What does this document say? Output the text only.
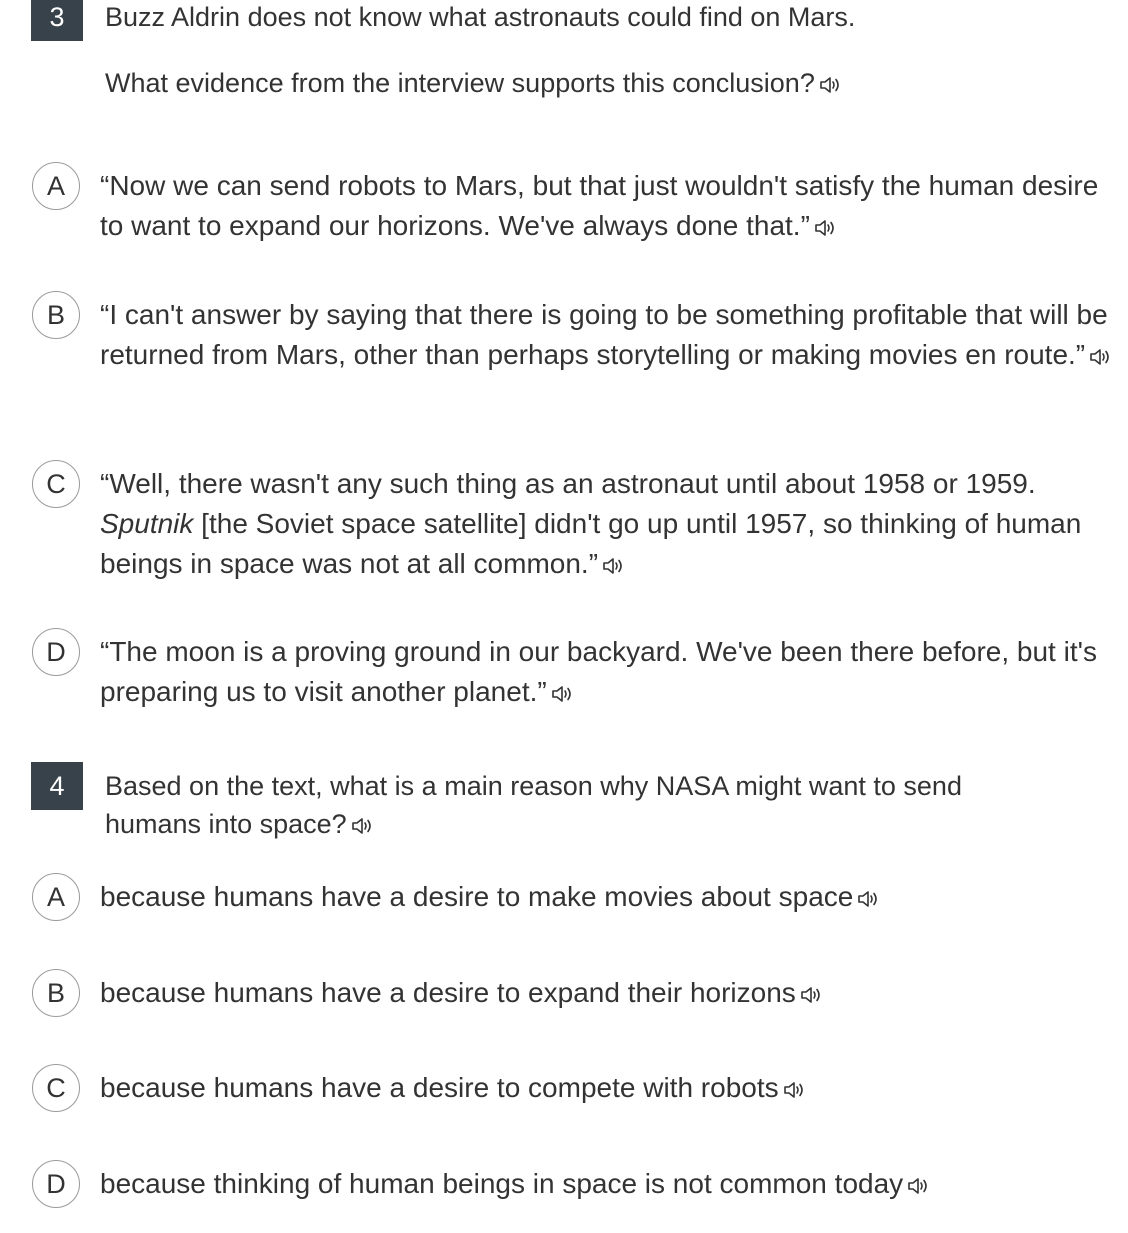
3	Buzz Aldrin does not know what astronauts could find on Mars.
What evidence from the interview supports this conclusion?
A	“Now we can send robots to Mars, but that just wouldn't satisfy the human desire to want to expand our horizons. We've always done that.”
B	“I can't answer by saying that there is going to be something profitable that will be returned from Mars, other than perhaps storytelling or making movies en route.”
C	“Well, there wasn't any such thing as an astronaut until about 1958 or 1959. Sputnik [the Soviet space satellite] didn't go up until 1957, so thinking of human beings in space was not at all common.”
D	“The moon is a proving ground in our backyard. We've been there before, but it's preparing us to visit another planet.”
4	Based on the text, what is a main reason why NASA might want to send humans into space?
A	because humans have a desire to make movies about space
B	because humans have a desire to expand their horizons
C	because humans have a desire to compete with robots
D	because thinking of human beings in space is not common today
